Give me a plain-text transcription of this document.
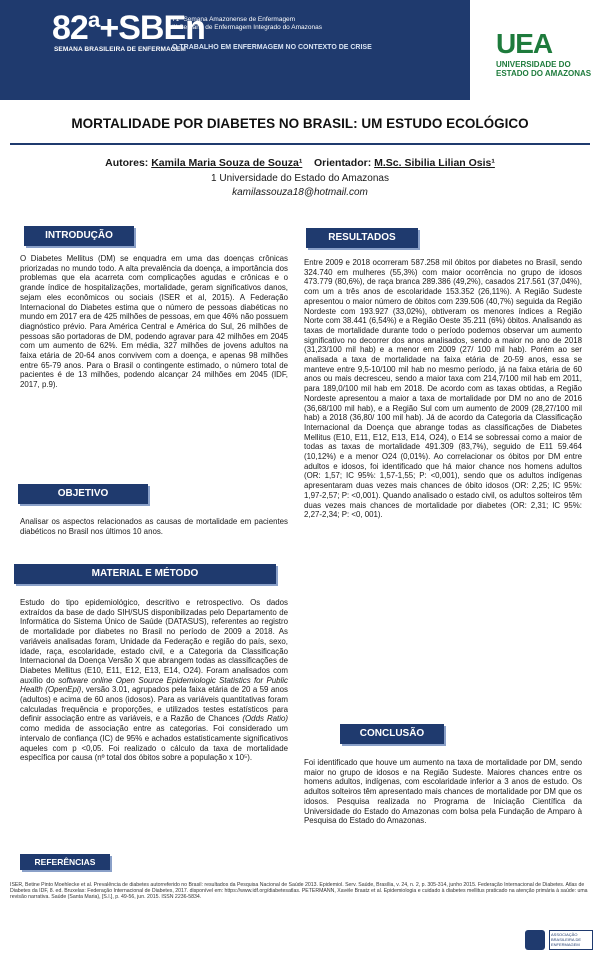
82ª+SBEn
SEMANA BRASILEIRA DE ENFERMAGEM
71ª Semana Amazonense de Enfermagem
III Semana de Enfermagem Integrado do Amazonas
O TRABALHO EM ENFERMAGEM NO CONTEXTO DE CRISE	UEA
UNIVERSIDADE DO ESTADO DO AMAZONAS
MORTALIDADE POR DIABETES NO BRASIL: UM ESTUDO ECOLÓGICO
Autores: Kamila Maria Souza de Souza¹ Orientador: M.Sc. Sibilia Lilian Osis¹
1 Universidade do Estado do Amazonas
kamilassouza18@hotmail.com
INTRODUÇÃO
O Diabetes Mellitus (DM) se enquadra em uma das doenças crônicas priorizadas no mundo todo. A alta prevalência da doença, a importância dos problemas que ela acarreta com complicações agudas e crônicas e o grande índice de hospitalizações, mortalidade, geram significativos danos, sejam eles econômicos ou sociais (ISER et al, 2015). A Federação Internacional do Diabetes estima que o número de pessoas diabéticas no mundo em 2017 era de 425 milhões de pessoas, em que 46% não possuem diagnóstico prévio. Para América Central e América do Sul, 26 milhões de pessoas são portadoras de DM, podendo agravar para 42 milhões em 2045 com um aumento de 62%. Em média, 327 milhões de jovens adultos na faixa etária de 20-64 anos convivem com a doença, e apenas 98 milhões entre 65-79 anos. Para o Brasil o contingente estimado, o número total de pacientes é de 13 milhões, podendo alcançar 24 milhões em 2045 (IDF, 2017, p.9).
OBJETIVO
Analisar os aspectos relacionados as causas de mortalidade em pacientes diabéticos no Brasil nos últimos 10 anos.
MATERIAL E MÉTODO
Estudo do tipo epidemiológico, descritivo e retrospectivo. Os dados extraídos da base de dado SIH/SUS disponibilizadas pelo Departamento de Informática do Sistema Único de Saúde (DATASUS), referentes ao registro de mortalidade por diabetes no Brasil no período de 2009 a 2018. As variáveis analisadas foram, Unidade da Federação e região do país, sexo, idade, raça, escolaridade, estado civil, e a Categoria da Classificação Internacional da Doença Versão X que abrangem todas as classificações de Diabetes Mellitus (E10, E11, E12, E13, E14, O24). Foram analisados com auxílio do software online Open Source Epidemiologic Statistics for Public Health (OpenEpi), versão 3.01, agrupados pela faixa etária de 20 a 59 anos (adultos) e acima de 60 anos (idosos). Para as variáveis quantitativas foram calculadas frequência e proporções, e utilizados testes estatísticos para definir associação entre as variáveis, e a Razão de Chances (Odds Ratio) como medida de associação entre as categorias. Foi considerado um intervalo de confiança (IC) de 95% e achados estatisticamente significativos aqueles com p <0,05. Foi realizado o cálculo da taxa de mortalidade específica por causa (nº total dos óbitos sobre a população x 10⁵).
RESULTADOS
Entre 2009 e 2018 ocorreram 587.258 mil óbitos por diabetes no Brasil, sendo 324.740 em mulheres (55,3%) com maior ocorrência no grupo de idosos 473.779 (80,6%), de raça branca 289.386 (49,2%), casados 217.561 (37,04%), com um a três anos de escolaridade 153.352 (26,11%). A Região Sudeste apresentou o maior número de óbitos com 239.506 (40,7%) seguida da Região Nordeste com 193.927 (33,02%), obtiveram os menores índices a Região Norte com 38.441 (6,54%) e a Região Oeste 35.211 (6%) óbitos. Analisando as taxas de mortalidade durante todo o período podemos observar um aumento significativo no decorrer dos anos analisados, sendo a maior no ano de 2018 (31,23/100 mil hab) e a menor em 2009 (27/ 100 mil hab). Porém ao ser analisada a taxa de mortalidade na faixa etária de 20-59 anos, essa se manteve entre 9,5-10/100 mil hab no mesmo período, já na faixa etária de 60 anos ou mais decresceu, sendo a maior taxa com 214,7/100 mil hab em 2011, para 189,0/100 mil hab em 2018. De acordo com as taxas obtidas, a Região Nordeste apresentou a maior a taxa de mortalidade por DM no ano de 2016 (36,68/100 mil hab), e a Região Sul com um aumento de 2009 (28,27/100 mil hab) a 2018 (36,80/ 100 mil hab). Já de acordo da Categoria da Classificação Internacional da Doença que abrange todas as classificações de Diabetes Mellitus (E10, E11, E12, E13, E14, O24), o E14 se sobressai como a maior de todas as taxas de mortalidade 491.309 (83,7%), seguido de E11 59.464 (10,12%) e a menor O24 (0,01%). Ao correlacionar os óbitos por DM entre adultos e idosos, foi identificado que há maior chance nos homens adultos (OR: 1,57; IC 95%: 1,57-1,55; P: <0,001), sendo que os adultos indígenas apresentaram duas vezes mais chances de óbito idosos (OR: 2,25; IC 95%: 1,97-2,57; P: <0,001). Quando analisado o estado civil, os adultos solteiros têm duas vezes mais chances de mortalidade por diabetes (OR: 2,31; IC 95%: 2,27-2,34; P: <0, 001).
CONCLUSÃO
Foi identificado que houve um aumento na taxa de mortalidade por DM, sendo maior no grupo de idosos e na Região Sudeste. Maiores chances entre os homens adultos, indígenas, com escolaridade inferior a 3 anos de estudo. Os adultos solteiros têm apresentado mais chances de mortalidade por DM que os idosos. Pesquisa realizada no Programa de Iniciação Científica da Universidade do Estado do Amazonas com bolsa pela Fundação de Amparo à Pesquisa do Estado do Amazonas.
REFERÊNCIAS
ISER, Betine Pinto Moehlecke et al. Prevalência de diabetes autorreferido no Brasil: resultados da Pesquisa Nacional de Saúde 2013. Epidemiol. Serv. Saúde, Brasília, v. 24, n. 2, p. 305-314, junho 2015. Federação Internacional de Diabetes. Atlas de Diabetes da IDF, 8. ed. Bruxelas: Federação Internacional de Diabetes, 2017. disponível em: https://www.idf.org/diabetesatlas. PETERMANN, Xavéle Braatz et al. Epidemiologia e cuidado à diabetes mellitus praticado na atenção primária à saúde: uma revisão narrativa. Saúde (Santa Maria), [S.l.], p. 49-56, jun. 2015. ISSN 2236-5834.
ASSOCIAÇÃO BRASILEIRA DE ENFERMAGEM
